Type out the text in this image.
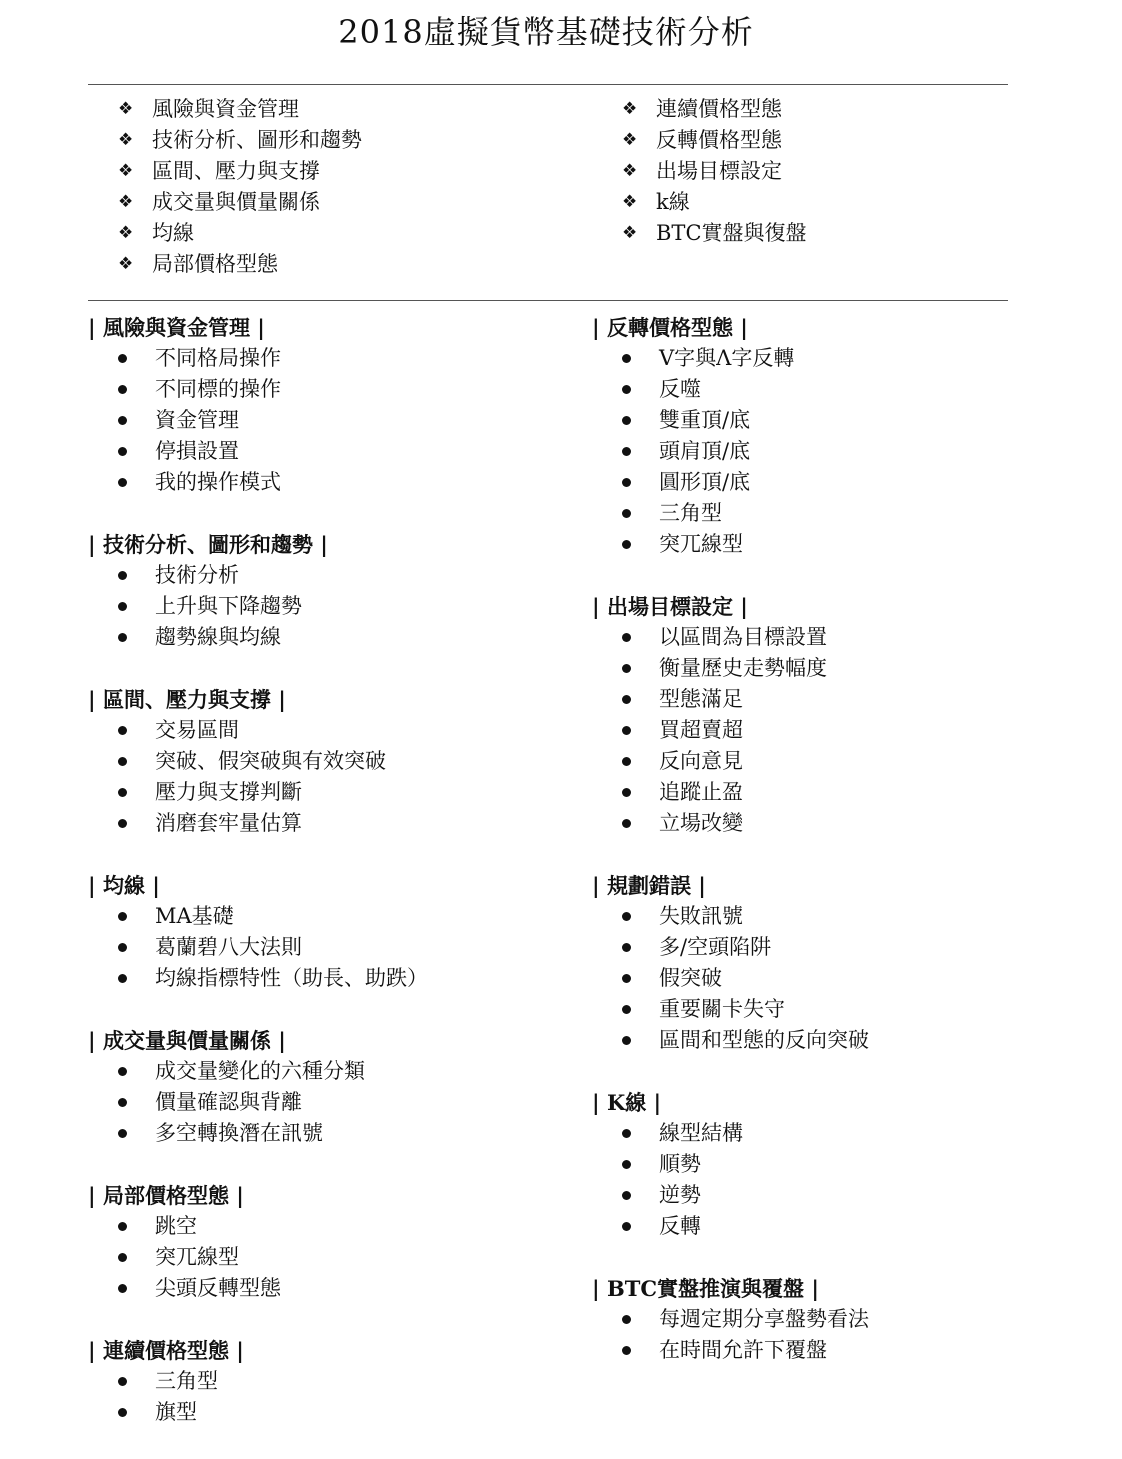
2018虛擬貨幣基礎技術分析
❖ 風險與資金管理
❖ 技術分析、圖形和趨勢
❖ 區間、壓力與支撐
❖ 成交量與價量關係
❖ 均線
❖ 局部價格型態
❖ 連續價格型態
❖ 反轉價格型態
❖ 出場目標設定
❖ k線
❖ BTC實盤與復盤
| 風險與資金管理 |
不同格局操作
不同標的操作
資金管理
停損設置
我的操作模式
| 技術分析、圖形和趨勢 |
技術分析
上升與下降趨勢
趨勢線與均線
| 區間、壓力與支撐 |
交易區間
突破、假突破與有效突破
壓力與支撐判斷
消磨套牢量估算
| 均線 |
MA基礎
葛蘭碧八大法則
均線指標特性（助長、助跌）
| 成交量與價量關係 |
成交量變化的六種分類
價量確認與背離
多空轉換潛在訊號
| 局部價格型態 |
跳空
突兀線型
尖頭反轉型態
| 連續價格型態 |
三角型
旗型
| 反轉價格型態 |
V字與Λ字反轉
反噬
雙重頂/底
頭肩頂/底
圓形頂/底
三角型
突兀線型
| 出場目標設定 |
以區間為目標設置
衡量歷史走勢幅度
型態滿足
買超賣超
反向意見
追蹤止盈
立場改變
| 規劃錯誤 |
失敗訊號
多/空頭陷阱
假突破
重要關卡失守
區間和型態的反向突破
| K線 |
線型結構
順勢
逆勢
反轉
| BTC實盤推演與覆盤 |
每週定期分享盤勢看法
在時間允許下覆盤
